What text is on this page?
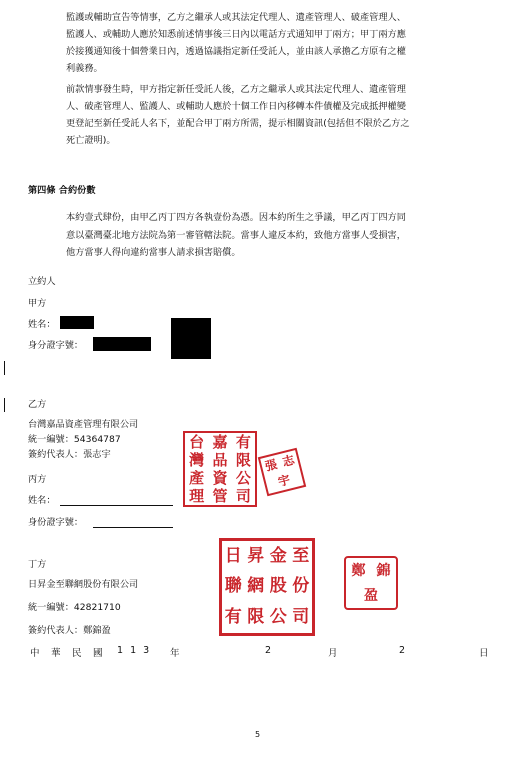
監護或輔助宣告等情事，乙方之繼承人或其法定代理人、遺產管理人、破產管理人、
監護人、或輔助人應於知悉前述情事後三日內以電話方式通知甲丁兩方；甲丁兩方應
於接獲通知後十個營業日內，透過協議指定新任受託人，並由該人承擔乙方原有之權
利義務。
前款情事發生時，甲方指定新任受託人後，乙方之繼承人或其法定代理人、遺產管理
人、破產管理人、監護人、或輔助人應於十個工作日內移轉本件債權及完成抵押權變
更登記至新任受託人名下，並配合甲丁兩方所需，提示相關資訊(包括但不限於乙方之
死亡證明)。
第四條 合約份數
本約壹式肆份，由甲乙丙丁四方各執壹份為憑。因本約所生之爭議，甲乙丙丁四方同
意以臺灣臺北地方法院為第一審管轄法院。當事人違反本約，致他方當事人受損害，
他方當事人得向違約當事人請求損害賠償。
立約人
甲方
姓名：
身分證字號：
乙方
台灣嘉品資產管理有限公司
統一編號：54364787
簽約代表人：張志宇
台 嘉 有
灣 品 限
產 資 公
理 管 司
張 志
宇
丙方
姓名：
身份證字號：
丁方
日昇金至聯網股份有限公司
統一編號：42821710
簽約代表人：鄭錦盈
日 昇 金 至
聯 網 股 份
有 限 公 司
鄭 錦
盈
中 華 民 國 1 1 3 年	2	月	2	日
5
